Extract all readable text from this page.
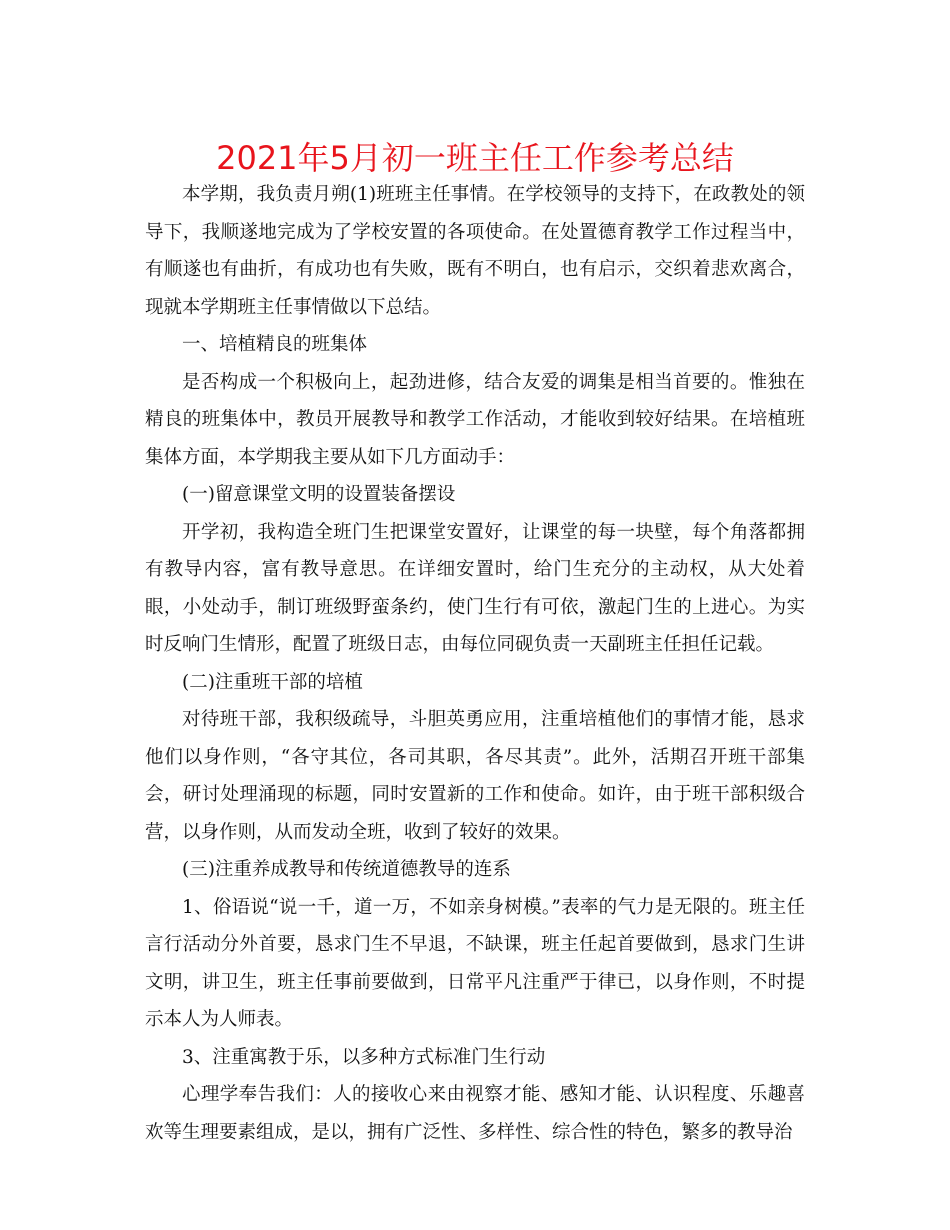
2021年5月初一班主任工作参考总结

本学期，我负责月朔(1)班班主任事情。在学校领导的支持下，在政教处的领导下，我顺遂地完成为了学校安置的各项使命。在处置德育教学工作过程当中，有顺遂也有曲折，有成功也有失败，既有不明白，也有启示，交织着悲欢离合，现就本学期班主任事情做以下总结。

一、培植精良的班集体

是否构成一个积极向上，起劲进修，结合友爱的调集是相当首要的。惟独在精良的班集体中，教员开展教导和教学工作活动，才能收到较好结果。在培植班集体方面，本学期我主要从如下几方面动手：

(一)留意课堂文明的设置装备摆设

开学初，我构造全班门生把课堂安置好，让课堂的每一块壁，每个角落都拥有教导内容，富有教导意思。在详细安置时，给门生充分的主动权，从大处着眼，小处动手，制订班级野蛮条约，使门生行有可依，激起门生的上进心。为实时反响门生情形，配置了班级日志，由每位同砚负责一天副班主任担任记载。

(二)注重班干部的培植

对待班干部，我积级疏导，斗胆英勇应用，注重培植他们的事情才能，恳求他们以身作则，“各守其位，各司其职，各尽其责”。此外，活期召开班干部集会，研讨处理涌现的标题，同时安置新的工作和使命。如许，由于班干部积级合营，以身作则，从而发动全班，收到了较好的效果。

(三)注重养成教导和传统道德教导的连系

1、俗语说“说一千，道一万，不如亲身树模。”表率的气力是无限的。班主任言行活动分外首要，恳求门生不早退，不缺课，班主任起首要做到，恳求门生讲文明，讲卫生，班主任事前要做到，日常平凡注重严于律已，以身作则，不时提示本人为人师表。

3、注重寓教于乐，以多种方式标准门生行动

心理学奉告我们：人的接收心来由视察才能、感知才能、认识程度、乐趣喜欢等生理要素组成，是以，拥有广泛性、多样性、综合性的特色，繁多的教导治
